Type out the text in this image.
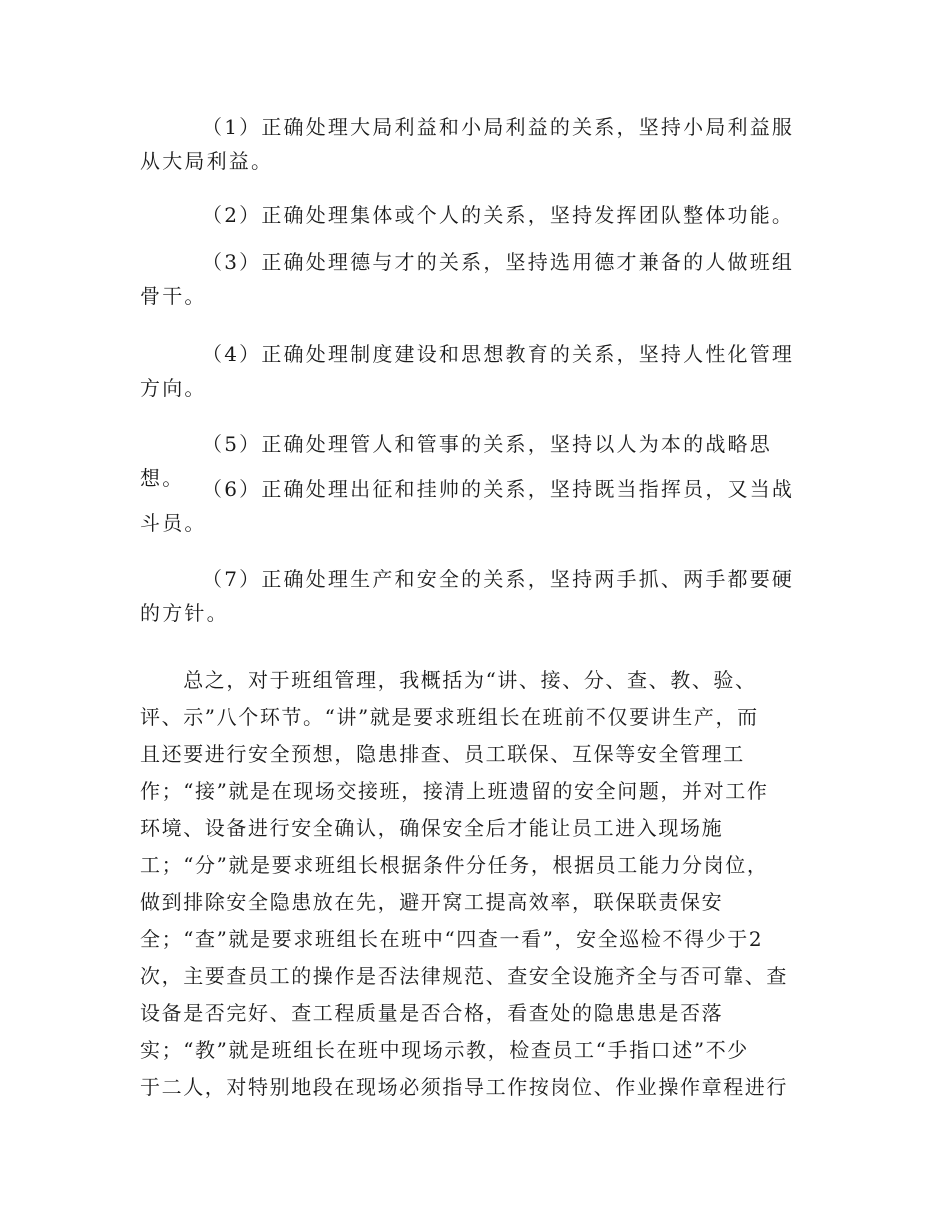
（1）正确处理大局利益和小局利益的关系，坚持小局利益服从大局利益。

（2）正确处理集体或个人的关系，坚持发挥团队整体功能。

（3）正确处理德与才的关系，坚持选用德才兼备的人做班组骨干。

（4）正确处理制度建设和思想教育的关系，坚持人性化管理方向。

（5）正确处理管人和管事的关系，坚持以人为本的战略思想。 （6）正确处理出征和挂帅的关系，坚持既当指挥员，又当战斗员。

（7）正确处理生产和安全的关系，坚持两手抓、两手都要硬的方针。

　　总之，对于班组管理，我概括为“讲、接、分、查、教、验、

评、示”八个环节。“讲”就是要求班组长在班前不仅要讲生产，而

且还要进行安全预想，隐患排查、员工联保、互保等安全管理工

作；“接”就是在现场交接班，接清上班遗留的安全问题，并对工作

环境、设备进行安全确认，确保安全后才能让员工进入现场施

工；“分”就是要求班组长根据条件分任务，根据员工能力分岗位，

做到排除安全隐患放在先，避开窝工提高效率，联保联责保安

全；“查”就是要求班组长在班中“四查一看”，安全巡检不得少于2

次，主要查员工的操作是否法律规范、查安全设施齐全与否可靠、查

设备是否完好、查工程质量是否合格，看查处的隐患患是否落

实；“教”就是班组长在班中现场示教，检查员工“手指口述”不少

于二人，对特别地段在现场必须指导工作按岗位、作业操作章程进行
